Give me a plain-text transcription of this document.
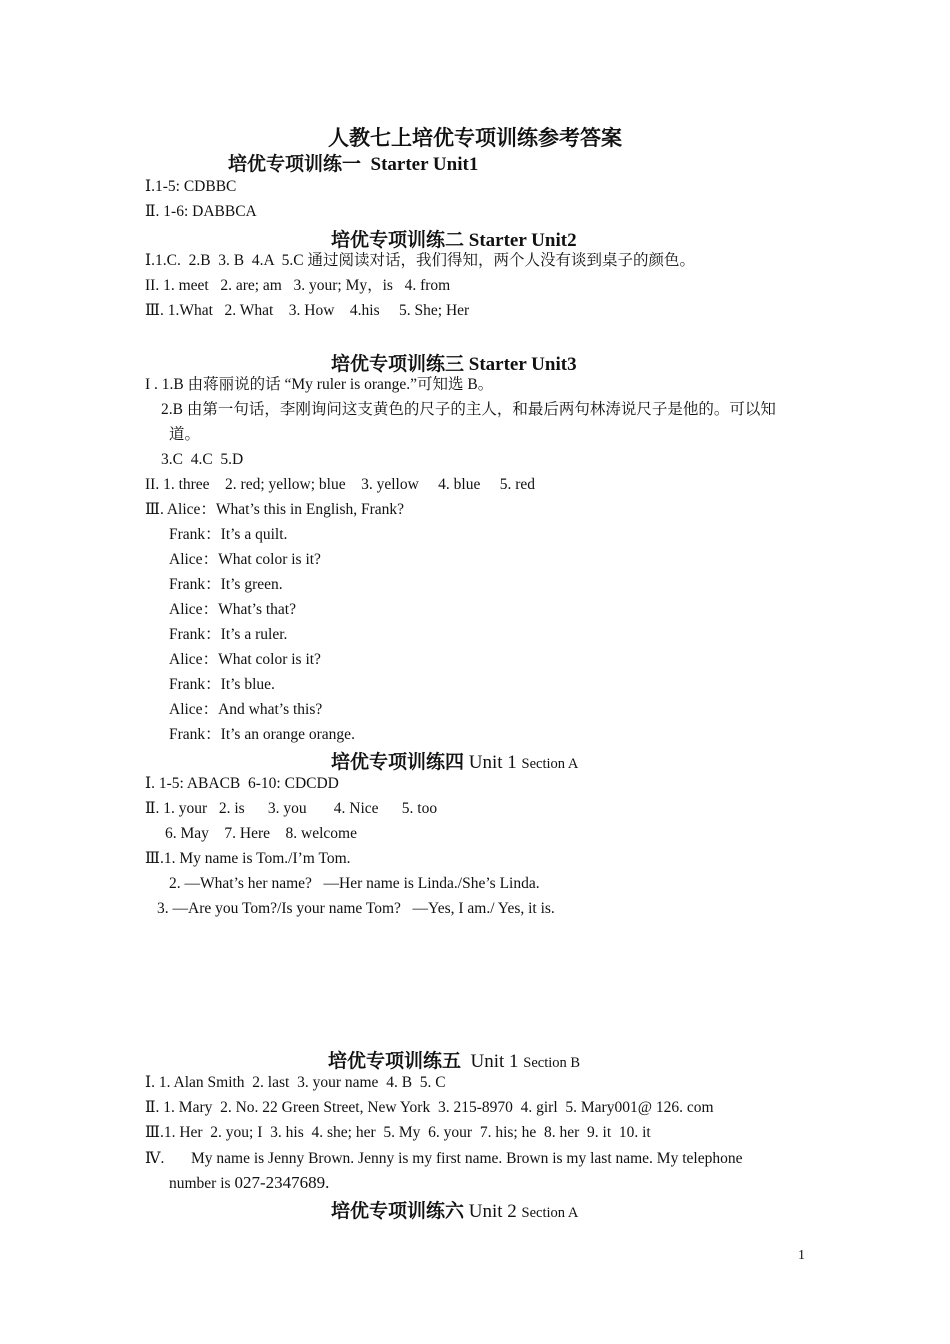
人教七上培优专项训练参考答案
培优专项训练一  Starter Unit1
Ⅰ.1-5: CDBBC
Ⅱ. 1-6: DABBCA
培优专项训练二 Starter Unit2
Ⅰ.1.C.  2.B  3. B  4.A  5.C 通过阅读对话，我们得知，两个人没有谈到桌子的颜色。
II. 1. meet   2. are; am   3. your; My，is   4. from
Ⅲ. 1.What   2. What    3. How    4.his     5. She; Her
培优专项训练三 Starter Unit3
I . 1.B 由蒋丽说的话 “My ruler is orange.”可知选 B。
2.B 由第一句话，李刚询问这支黄色的尺子的主人，和最后两句林涛说尺子是他的。可以知
道。
3.C  4.C  5.D
II. 1. three    2. red; yellow; blue    3. yellow     4. blue     5. red
Ⅲ. Alice：What’s this in English, Frank?
Frank：It’s a quilt.
Alice：What color is it?
Frank：It’s green.
Alice：What’s that?
Frank：It’s a ruler.
Alice：What color is it?
Frank：It’s blue.
Alice：And what’s this?
Frank：It’s an orange orange.
培优专项训练四 Unit 1 Section A
Ⅰ. 1-5: ABACB  6-10: CDCDD
Ⅱ. 1. your   2. is      3. you       4. Nice      5. too
6. May    7. Here    8. welcome
Ⅲ.1. My name is Tom./I’m Tom.
2. —What’s her name?   —Her name is Linda./She’s Linda.
3. —Are you Tom?/Is your name Tom?   —Yes, I am./ Yes, it is.
培优专项训练五  Unit 1 Section B
Ⅰ. 1. Alan Smith  2. last  3. your name  4. B  5. C
Ⅱ. 1. Mary  2. No. 22 Green Street, New York  3. 215-8970  4. girl  5. Mary001@ 126. com
Ⅲ.1. Her  2. you; I  3. his  4. she; her  5. My  6. your  7. his; he  8. her  9. it  10. it
Ⅳ. My name is Jenny Brown. Jenny is my first name. Brown is my last name. My telephone
number is 027-2347689.
培优专项训练六 Unit 2 Section A
1
